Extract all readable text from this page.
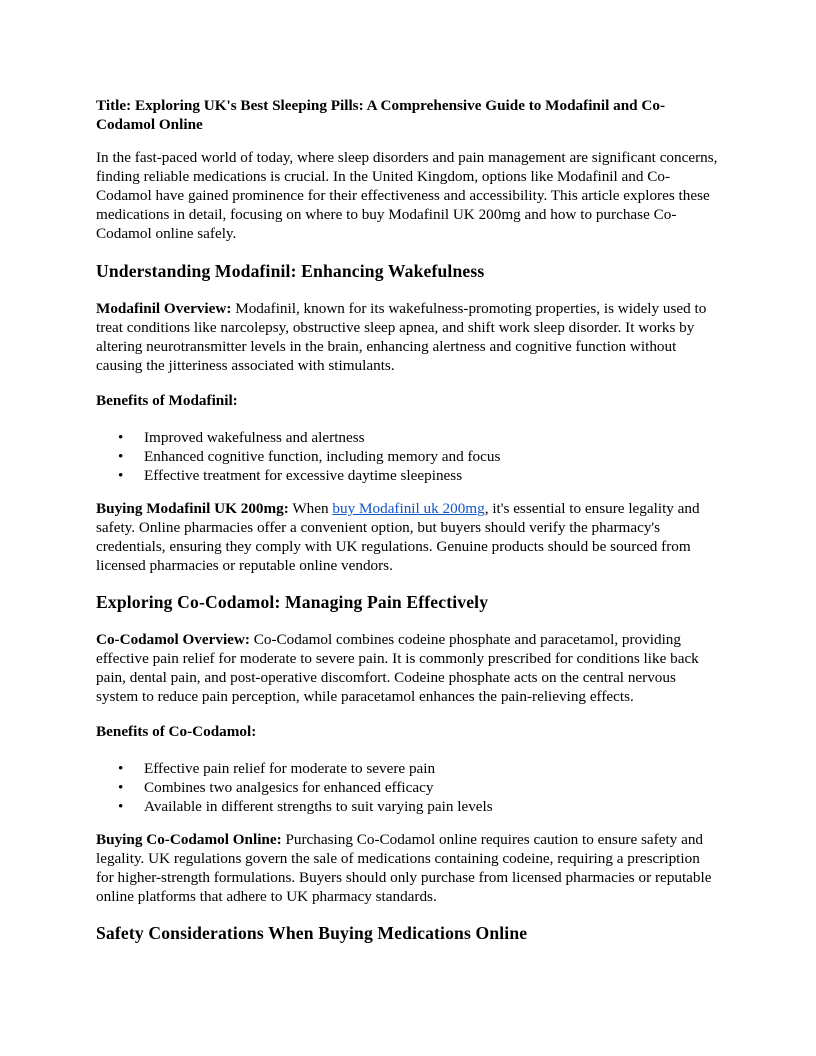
Title: Exploring UK's Best Sleeping Pills: A Comprehensive Guide to Modafinil and Co-Codamol Online

In the fast-paced world of today, where sleep disorders and pain management are significant concerns, finding reliable medications is crucial. In the United Kingdom, options like Modafinil and Co-Codamol have gained prominence for their effectiveness and accessibility. This article explores these medications in detail, focusing on where to buy Modafinil UK 200mg and how to purchase Co-Codamol online safely.

Understanding Modafinil: Enhancing Wakefulness

Modafinil Overview: Modafinil, known for its wakefulness-promoting properties, is widely used to treat conditions like narcolepsy, obstructive sleep apnea, and shift work sleep disorder. It works by altering neurotransmitter levels in the brain, enhancing alertness and cognitive function without causing the jitteriness associated with stimulants.

Benefits of Modafinil:

• Improved wakefulness and alertness
• Enhanced cognitive function, including memory and focus
• Effective treatment for excessive daytime sleepiness

Buying Modafinil UK 200mg: When buy Modafinil uk 200mg, it's essential to ensure legality and safety. Online pharmacies offer a convenient option, but buyers should verify the pharmacy's credentials, ensuring they comply with UK regulations. Genuine products should be sourced from licensed pharmacies or reputable online vendors.

Exploring Co-Codamol: Managing Pain Effectively

Co-Codamol Overview: Co-Codamol combines codeine phosphate and paracetamol, providing effective pain relief for moderate to severe pain. It is commonly prescribed for conditions like back pain, dental pain, and post-operative discomfort. Codeine phosphate acts on the central nervous system to reduce pain perception, while paracetamol enhances the pain-relieving effects.

Benefits of Co-Codamol:

• Effective pain relief for moderate to severe pain
• Combines two analgesics for enhanced efficacy
• Available in different strengths to suit varying pain levels

Buying Co-Codamol Online: Purchasing Co-Codamol online requires caution to ensure safety and legality. UK regulations govern the sale of medications containing codeine, requiring a prescription for higher-strength formulations. Buyers should only purchase from licensed pharmacies or reputable online platforms that adhere to UK pharmacy standards.

Safety Considerations When Buying Medications Online
